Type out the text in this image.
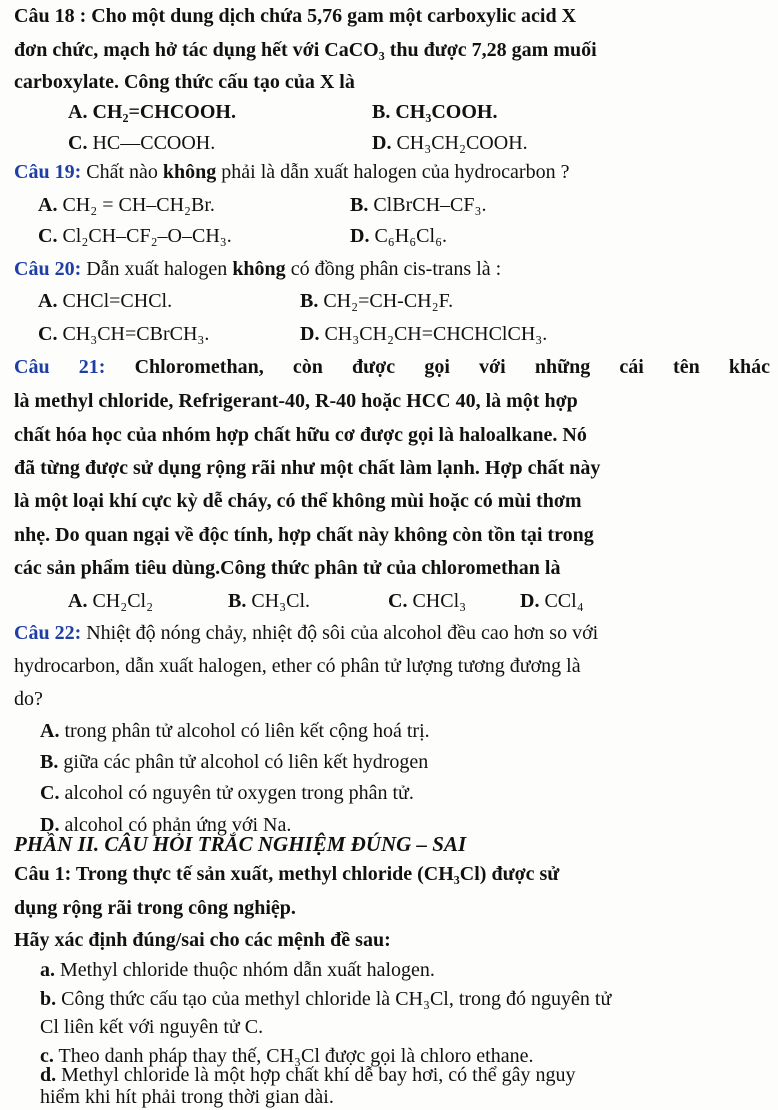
Câu 18 : Cho một dung dịch chứa 5,76 gam một carboxylic acid X
đơn chức, mạch hở tác dụng hết với CaCO₃ thu được 7,28 gam muối
carboxylate. Công thức cấu tạo của X là
A. CH₂=CHCOOH.	B. CH₃COOH.
C. HC—CCOOH.	D. CH₃CH₂COOH.
Câu 19: Chất nào không phải là dẫn xuất halogen của hydrocarbon ?
A. CH₂ = CH–CH₂Br.	B. ClBrCH–CF₃.
C. Cl₂CH–CF₂–O–CH₃.	D. C₆H₆Cl₆.
Câu 20: Dẫn xuất halogen không có đồng phân cis-trans là :
A. CHCl=CHCl.	B. CH₂=CH-CH₂F.
C. CH₃CH=CBrCH₃.	D. CH₃CH₂CH=CHCHClCH₃.
Câu 21: Chloromethan, còn được gọi với những cái tên khác
là methyl chloride, Refrigerant-40, R-40 hoặc HCC 40, là một hợp
chất hóa học của nhóm hợp chất hữu cơ được gọi là haloalkane. Nó
đã từng được sử dụng rộng rãi như một chất làm lạnh. Hợp chất này
là một loại khí cực kỳ dễ cháy, có thể không mùi hoặc có mùi thơm
nhẹ. Do quan ngại về độc tính, hợp chất này không còn tồn tại trong
các sản phẩm tiêu dùng.Công thức phân tử của chloromethan là
A. CH₂Cl₂	B. CH₃Cl.	C. CHCl₃	D. CCl₄
Câu 22: Nhiệt độ nóng chảy, nhiệt độ sôi của alcohol đều cao hơn so với
hydrocarbon, dẫn xuất halogen, ether có phân tử lượng tương đương là
do?
A. trong phân tử alcohol có liên kết cộng hoá trị.
B. giữa các phân tử alcohol có liên kết hydrogen
C. alcohol có nguyên tử oxygen trong phân tử.
D. alcohol có phản ứng với Na.
PHẦN II. CÂU HỎI TRẮC NGHIỆM ĐÚNG – SAI
Câu 1: Trong thực tế sản xuất, methyl chloride (CH₃Cl) được sử
dụng rộng rãi trong công nghiệp.
Hãy xác định đúng/sai cho các mệnh đề sau:
a. Methyl chloride thuộc nhóm dẫn xuất halogen.
b. Công thức cấu tạo của methyl chloride là CH₃Cl, trong đó nguyên tử
Cl liên kết với nguyên tử C.
c. Theo danh pháp thay thế, CH₃Cl được gọi là chloro ethane.
d. Methyl chloride là một hợp chất khí dễ bay hơi, có thể gây nguy
hiểm khi hít phải trong thời gian dài.
